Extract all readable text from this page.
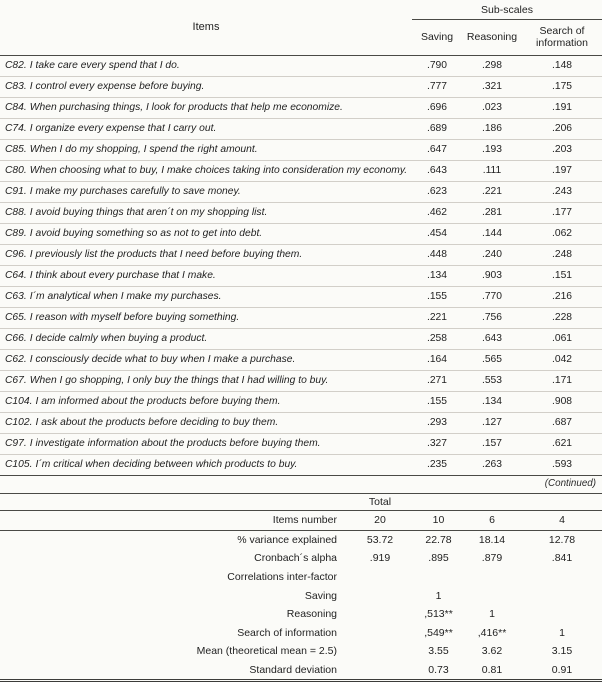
Items	Sub-scales		
	Saving	Reasoning	Search of information
C82. I take care every spend that I do.	.790	.298	.148
C83. I control every expense before buying.	.777	.321	.175
C84. When purchasing things, I look for products that help me economize.	.696	.023	.191
C74. I organize every expense that I carry out.	.689	.186	.206
C85. When I do my shopping, I spend the right amount.	.647	.193	.203
C80. When choosing what to buy, I make choices taking into consideration my economy.	.643	.111	.197
C91. I make my purchases carefully to save money.	.623	.221	.243
C88. I avoid buying things that aren´t on my shopping list.	.462	.281	.177
C89. I avoid buying something so as not to get into debt.	.454	.144	.062
C96. I previously list the products that I need before buying them.	.448	.240	.248
C64. I think about every purchase that I make.	.134	.903	.151
C63. I´m analytical when I make my purchases.	.155	.770	.216
C65. I reason with myself before buying something.	.221	.756	.228
C66. I decide calmly when buying a product.	.258	.643	.061
C62. I consciously decide what to buy when I make a purchase.	.164	.565	.042
C67. When I go shopping, I only buy the things that I had willing to buy.	.271	.553	.171
C104. I am informed about the products before buying them.	.155	.134	.908
C102. I ask about the products before deciding to buy them.	.293	.127	.687
C97. I investigate information about the products before buying them.	.327	.157	.621
C105. I´m critical when deciding between which products to buy.	.235	.263	.593
(Continued)
	Total			
Items number	20	10	6	4
% variance explained	53.72	22.78	18.14	12.78
Cronbach´s alpha	.919	.895	.879	.841
Correlations inter-factor				
Saving		1		
Reasoning		,513**	1	
Search of information		,549**	,416**	1
Mean (theoretical mean = 2.5)		3.55	3.62	3.15
Standard deviation		0.73	0.81	0.91
